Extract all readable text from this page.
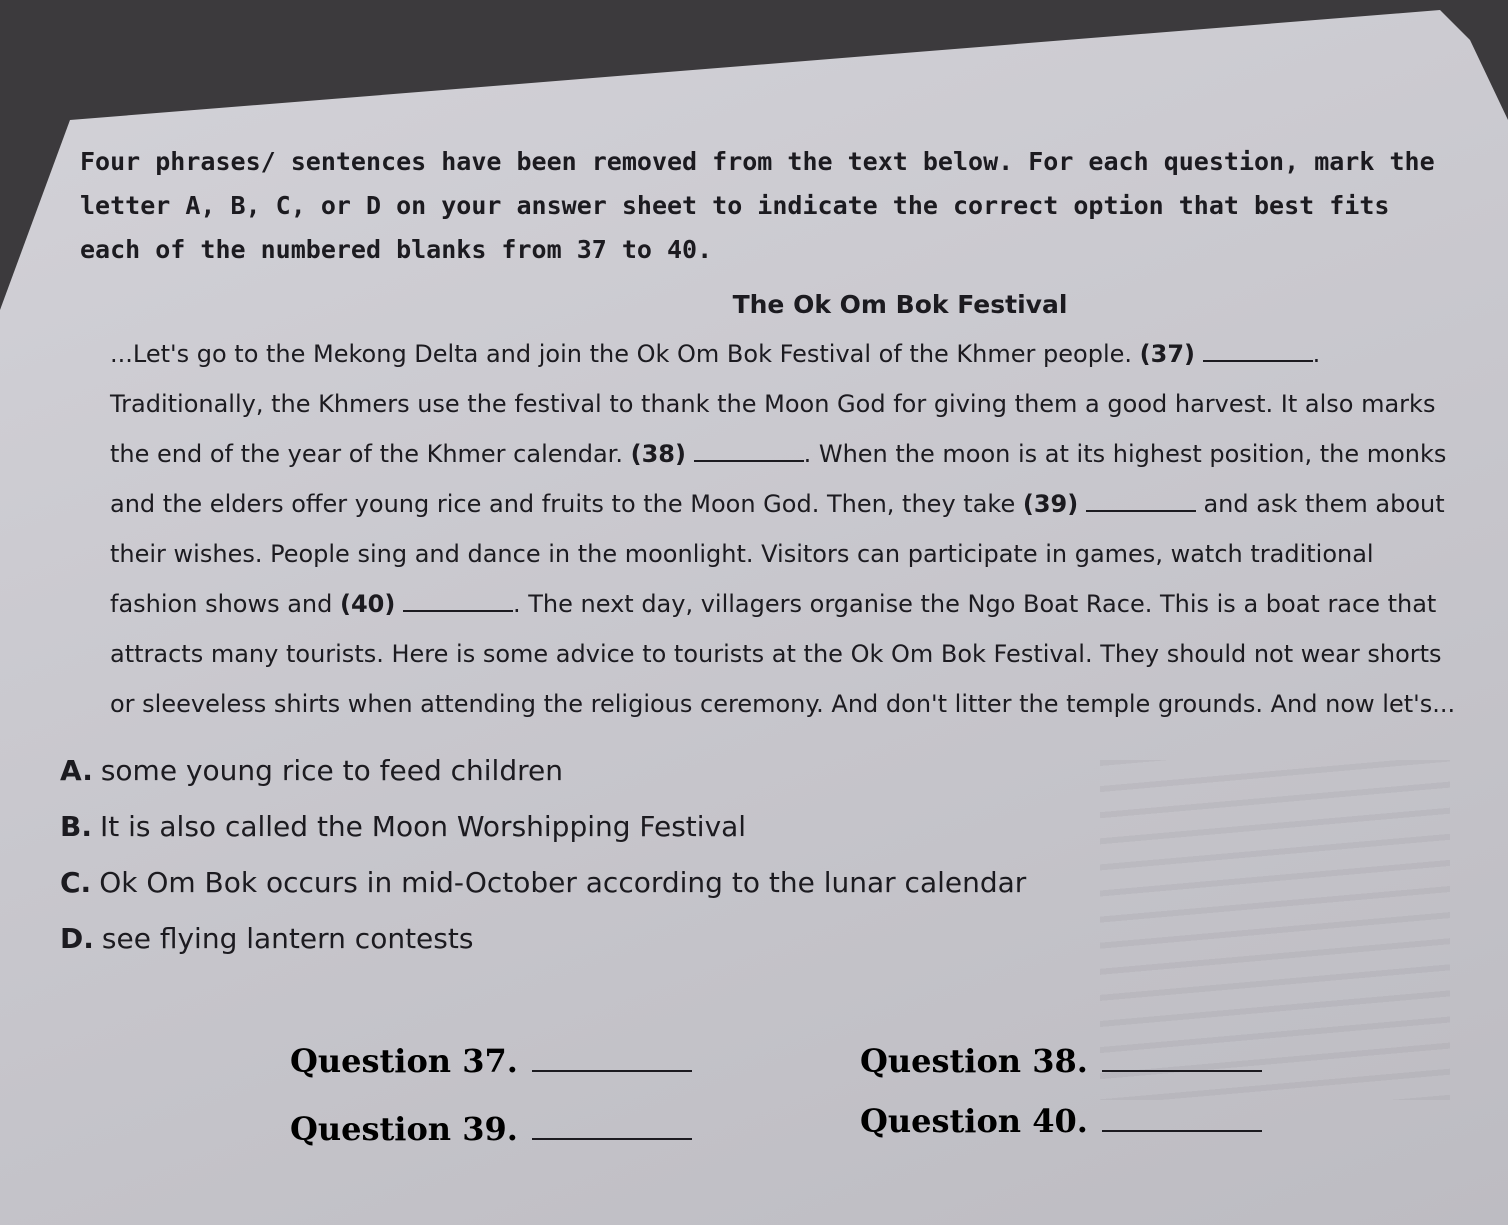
Four phrases/ sentences have been removed from the text below. For each question, mark the letter A, B, C, or D on your answer sheet to indicate the correct option that best fits each of the numbered blanks from 37 to 40.

The Ok Om Bok Festival

...Let's go to the Mekong Delta and join the Ok Om Bok Festival of the Khmer people. (37)	. Traditionally, the Khmers use the festival to thank the Moon God for giving them a good harvest. It also marks the end of the year of the Khmer calendar. (38)	. When the moon is at its highest position, the monks and the elders offer young rice and fruits to the Moon God. Then, they take (39)	and ask them about their wishes. People sing and dance in the moonlight. Visitors can participate in games, watch traditional fashion shows and (40)	. The next day, villagers organise the Ngo Boat Race. This is a boat race that attracts many tourists. Here is some advice to tourists at the Ok Om Bok Festival. They should not wear shorts or sleeveless shirts when attending the religious ceremony. And don't litter the temple grounds. And now let's...

A. some young rice to feed children
B. It is also called the Moon Worshipping Festival
C. Ok Om Bok occurs in mid-October according to the lunar calendar
D. see flying lantern contests
Question 37.	Question 38.
Question 39.	Question 40.
